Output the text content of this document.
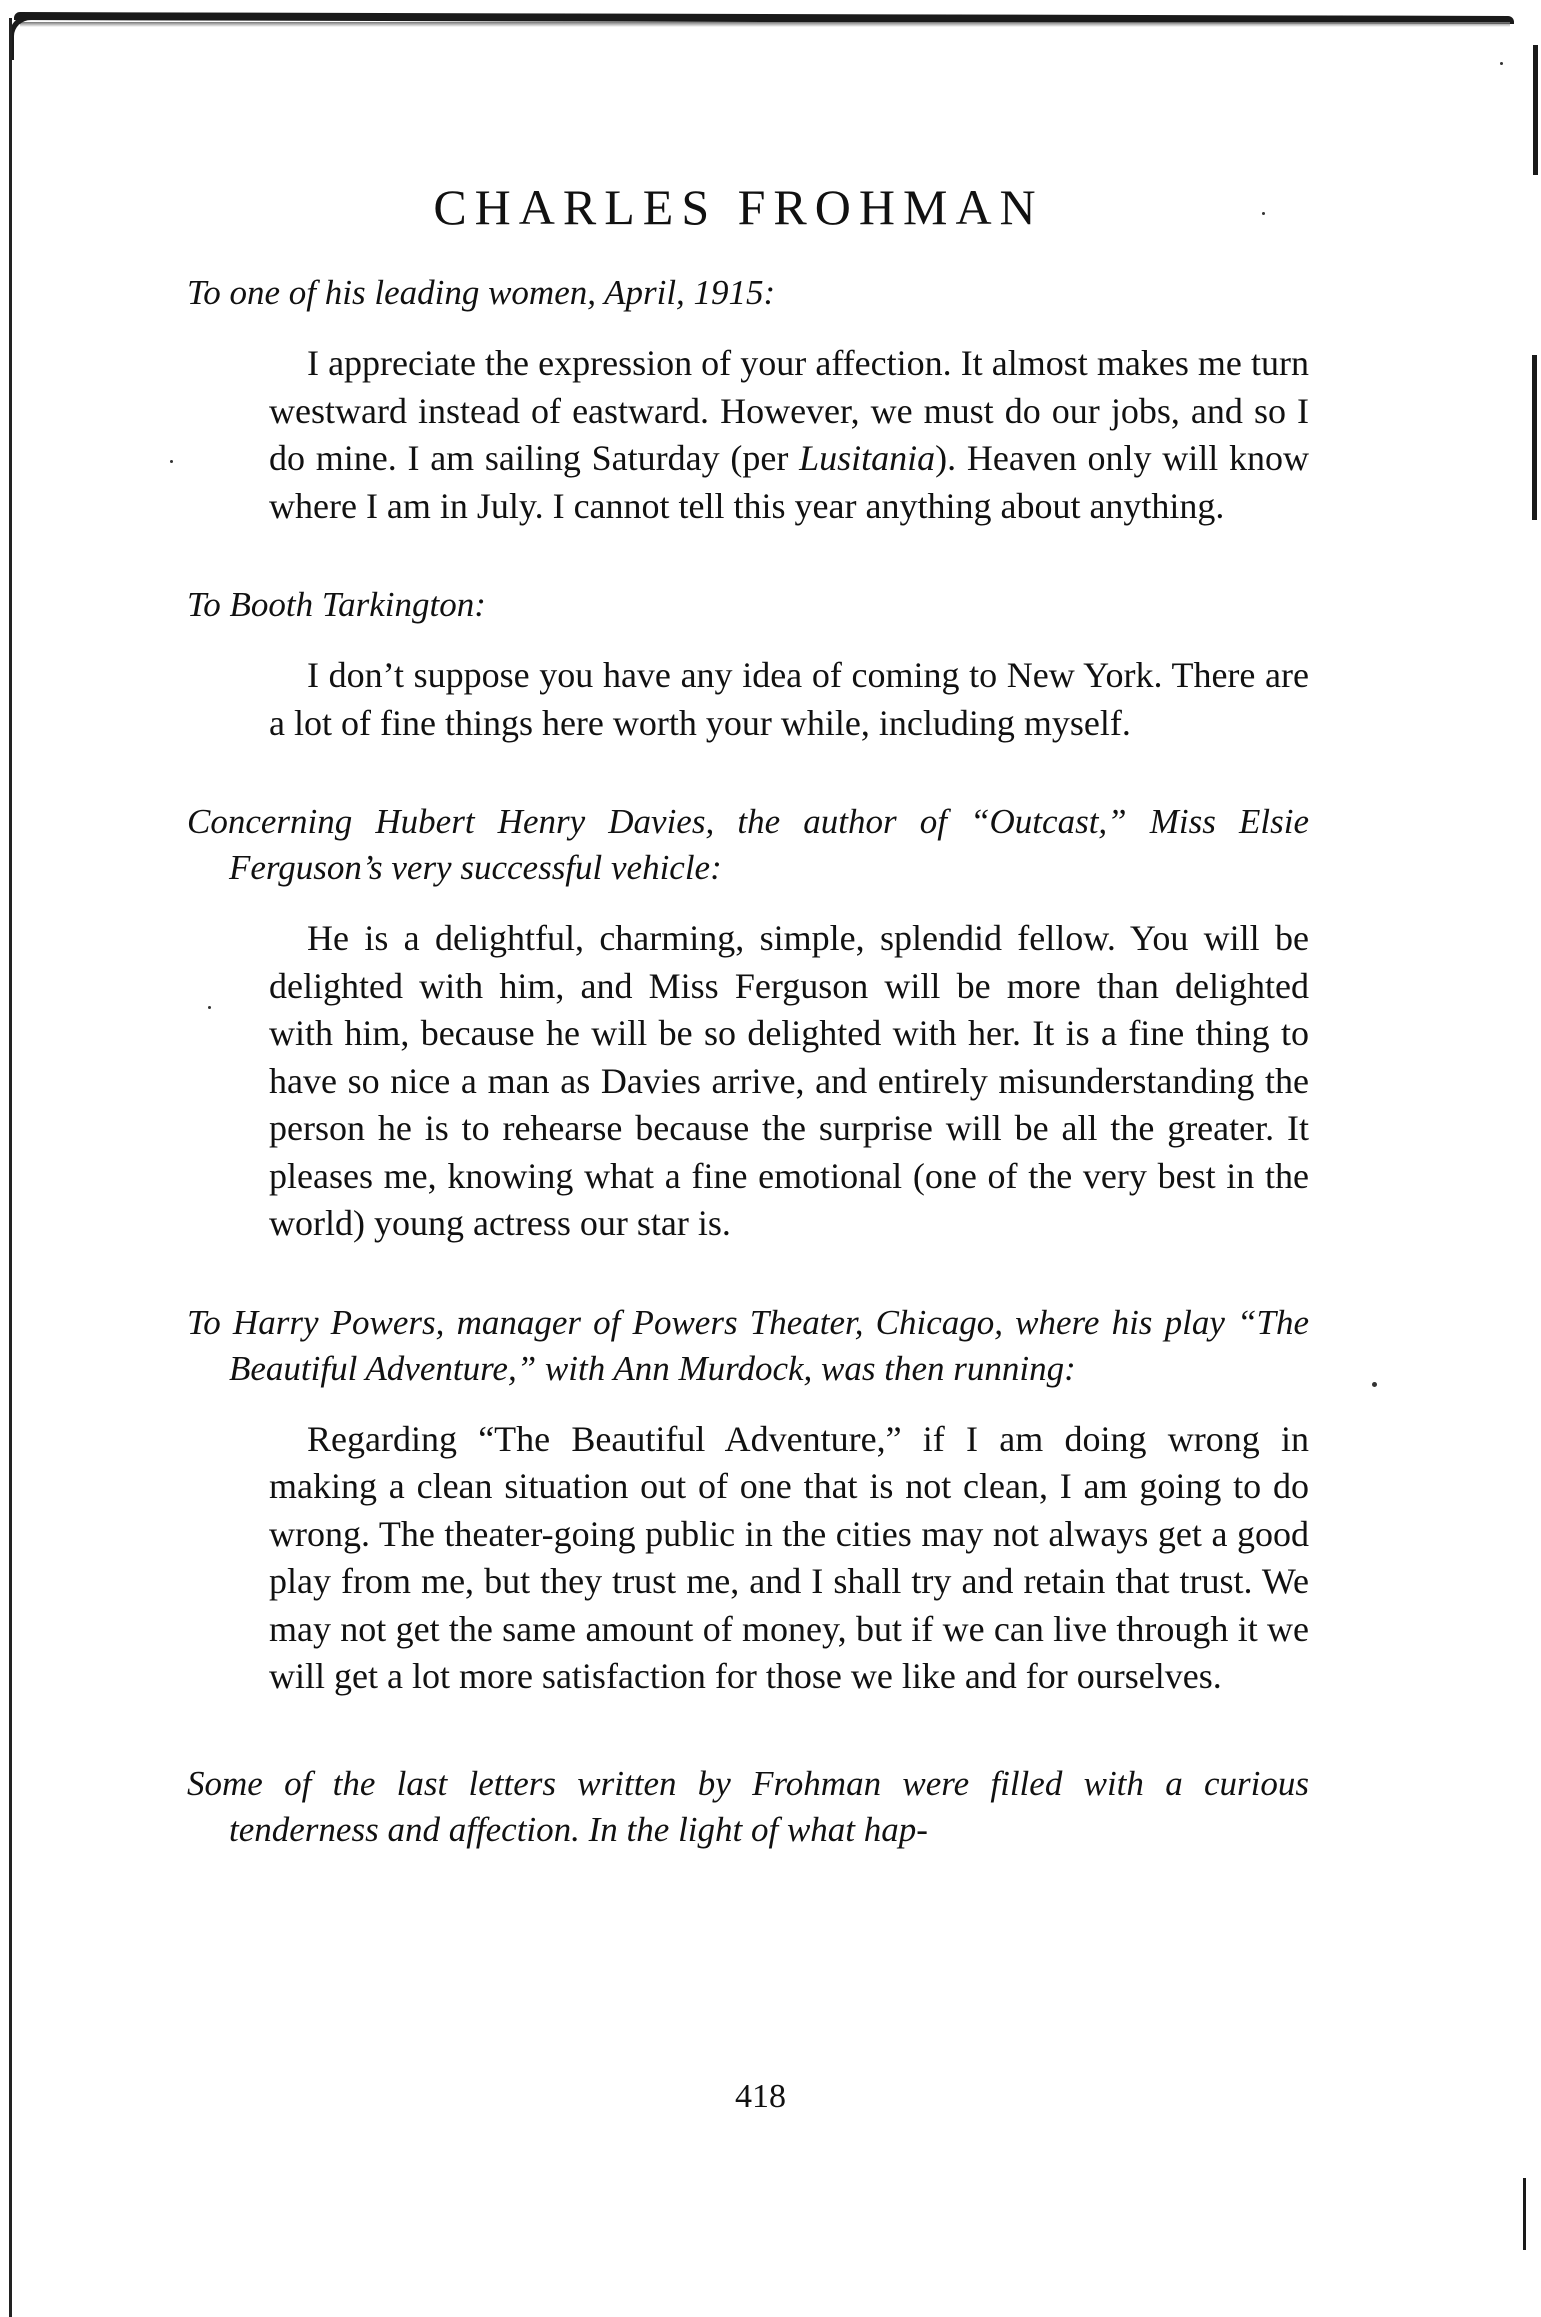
CHARLES FROHMAN

To one of his leading women, April, 1915:

I appreciate the expression of your affection. It almost makes me turn westward instead of eastward. However, we must do our jobs, and so I do mine. I am sailing Saturday (per Lusitania). Heaven only will know where I am in July. I cannot tell this year anything about anything.

To Booth Tarkington:

I don’t suppose you have any idea of coming to New York. There are a lot of fine things here worth your while, including myself.

Concerning Hubert Henry Davies, the author of “Outcast,” Miss Elsie Ferguson’s very successful vehicle:

He is a delightful, charming, simple, splendid fellow. You will be delighted with him, and Miss Ferguson will be more than delighted with him, because he will be so delighted with her. It is a fine thing to have so nice a man as Davies arrive, and entirely misunderstanding the person he is to rehearse because the surprise will be all the greater. It pleases me, knowing what a fine emotional (one of the very best in the world) young actress our star is.

To Harry Powers, manager of Powers Theater, Chicago, where his play “The Beautiful Adventure,” with Ann Murdock, was then running:

Regarding “The Beautiful Adventure,” if I am doing wrong in making a clean situation out of one that is not clean, I am going to do wrong. The theater-going public in the cities may not always get a good play from me, but they trust me, and I shall try and retain that trust. We may not get the same amount of money, but if we can live through it we will get a lot more satisfaction for those we like and for ourselves.

Some of the last letters written by Frohman were filled with a curious tenderness and affection. In the light of what hap-

418
